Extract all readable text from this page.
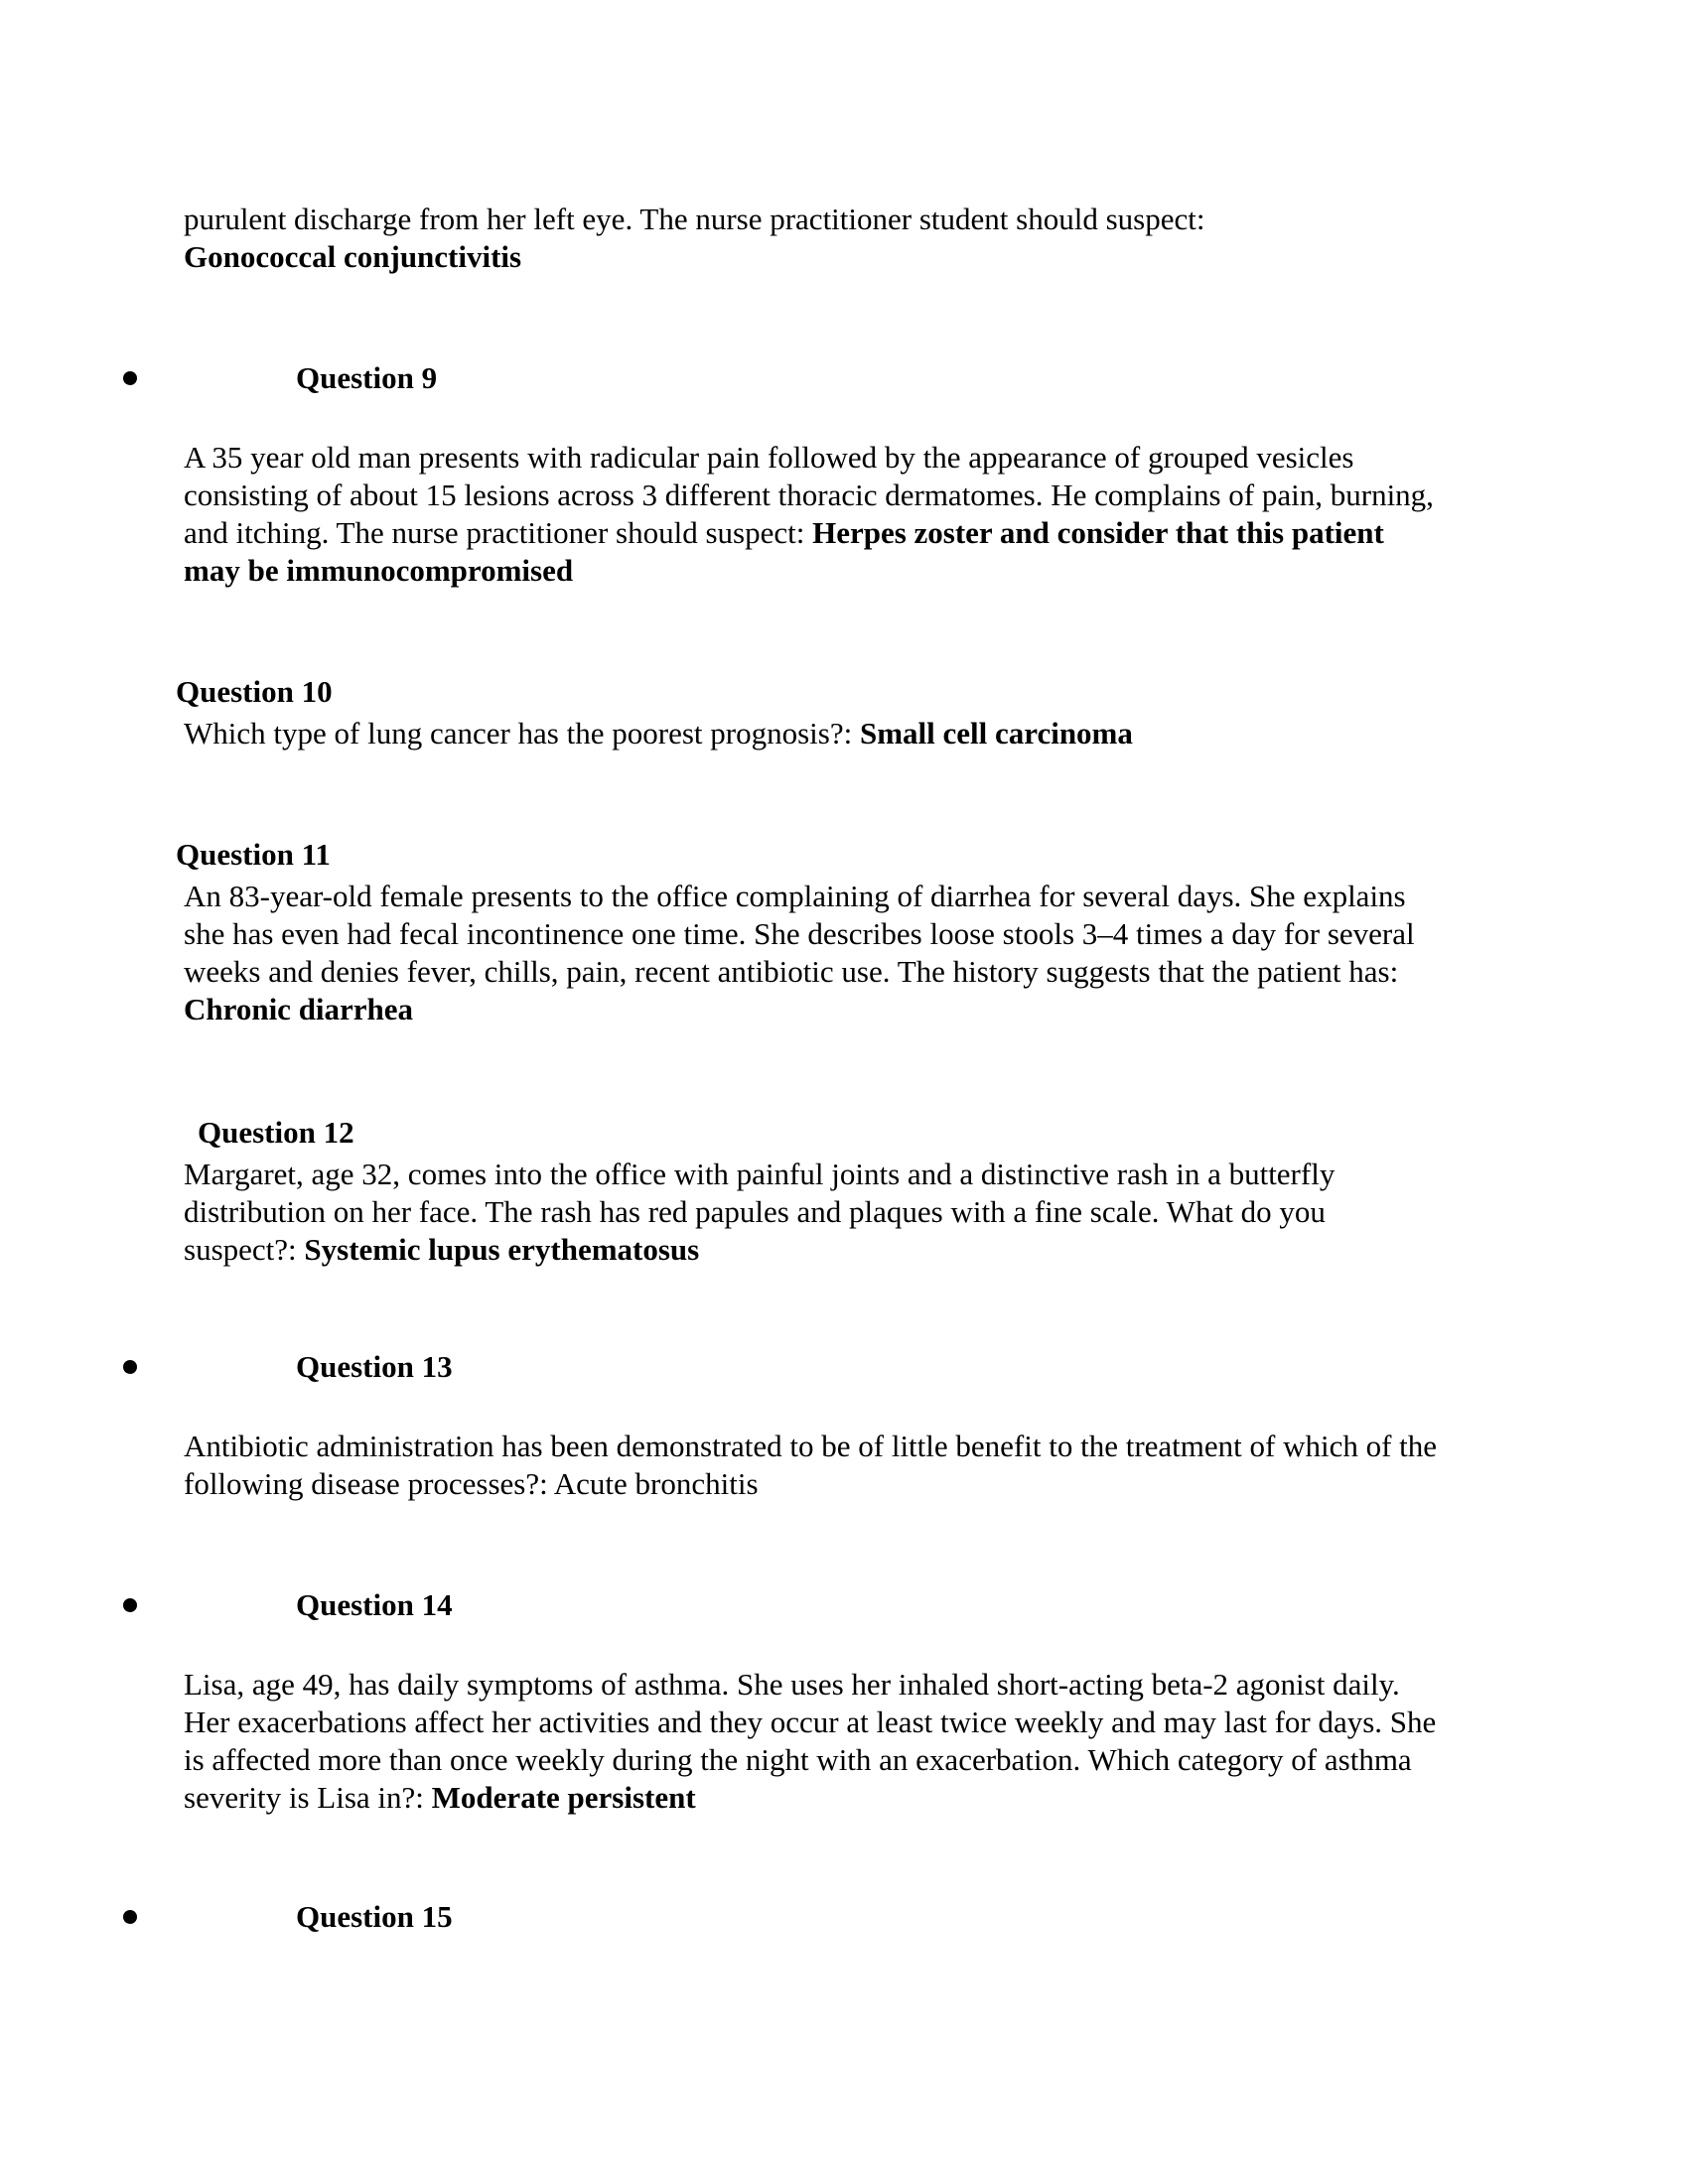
purulent discharge from her left eye. The nurse practitioner student should suspect:
Gonococcal conjunctivitis

Question 9

A 35 year old man presents with radicular pain followed by the appearance of grouped vesicles consisting of about 15 lesions across 3 different thoracic dermatomes. He complains of pain, burning, and itching. The nurse practitioner should suspect: Herpes zoster and consider that this patient may be immunocompromised

Question 10

Which type of lung cancer has the poorest prognosis?: Small cell carcinoma

Question 11

An 83-year-old female presents to the office complaining of diarrhea for several days. She explains she has even had fecal incontinence one time. She describes loose stools 3–4 times a day for several weeks and denies fever, chills, pain, recent antibiotic use. The history suggests that the patient has: Chronic diarrhea

Question 12

Margaret, age 32, comes into the office with painful joints and a distinctive rash in a butterfly distribution on her face. The rash has red papules and plaques with a fine scale. What do you suspect?: Systemic lupus erythematosus

Question 13

Antibiotic administration has been demonstrated to be of little benefit to the treatment of which of the following disease processes?: Acute bronchitis

Question 14

Lisa, age 49, has daily symptoms of asthma. She uses her inhaled short-acting beta-2 agonist daily. Her exacerbations affect her activities and they occur at least twice weekly and may last for days. She is affected more than once weekly during the night with an exacerbation. Which category of asthma severity is Lisa in?: Moderate persistent

Question 15
